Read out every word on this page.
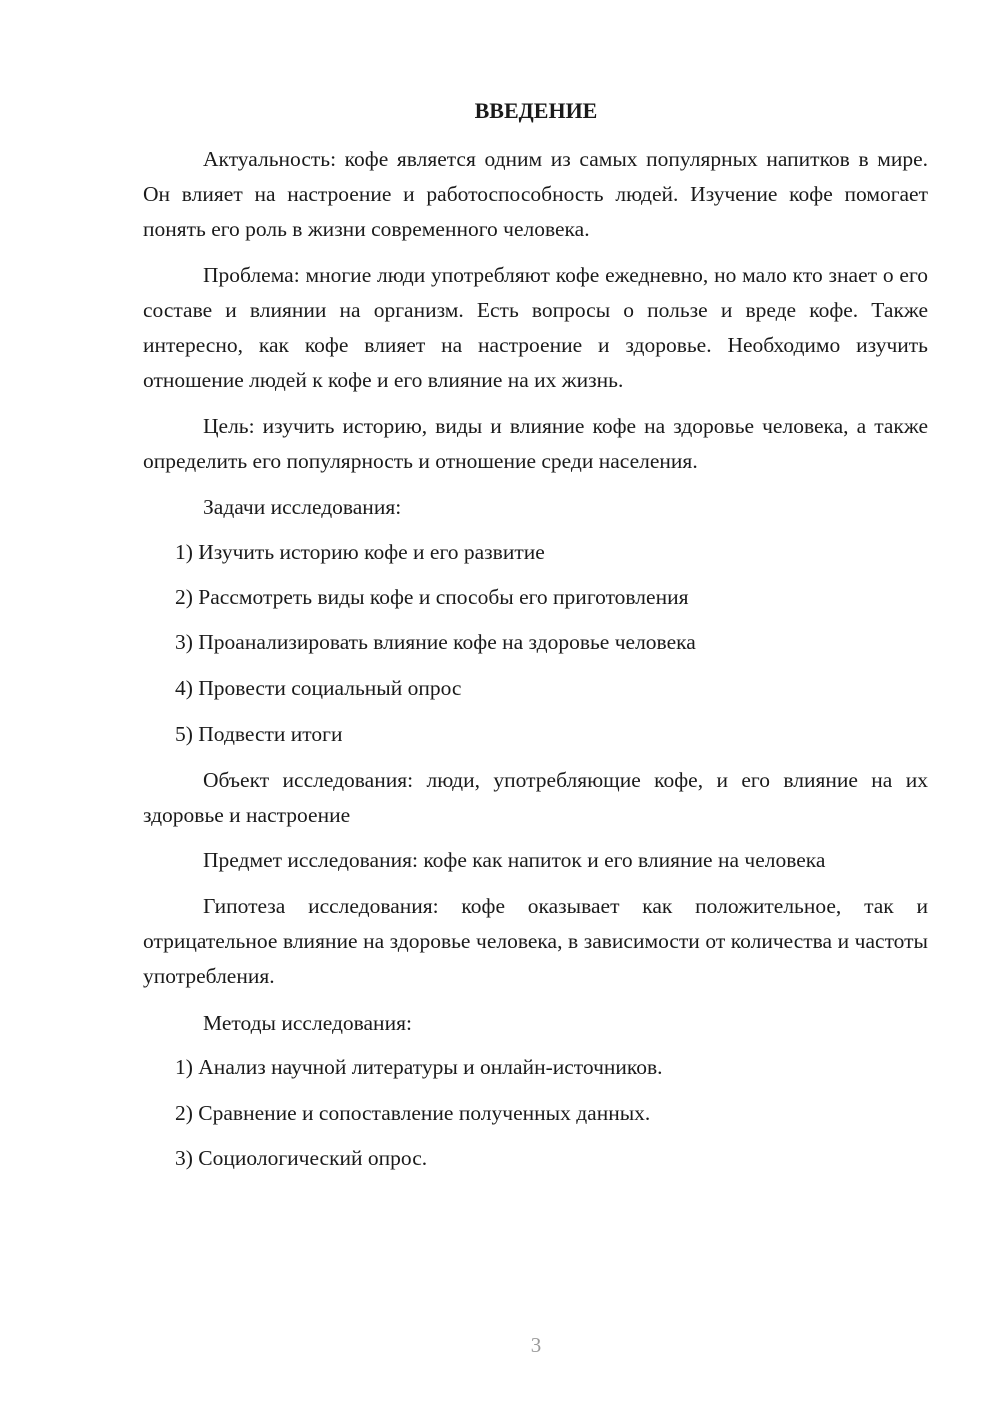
ВВЕДЕНИЕ

Актуальность: кофе является одним из самых популярных напитков в мире. Он влияет на настроение и работоспособность людей. Изучение кофе помогает понять его роль в жизни современного человека.

Проблема: многие люди употребляют кофе ежедневно, но мало кто знает о его составе и влиянии на организм. Есть вопросы о пользе и вреде кофе. Также интересно, как кофе влияет на настроение и здоровье. Необходимо изучить отношение людей к кофе и его влияние на их жизнь.

Цель: изучить историю, виды и влияние кофе на здоровье человека, а также определить его популярность и отношение среди населения.

Задачи исследования:

1) Изучить историю кофе и его развитие

2) Рассмотреть виды кофе и способы его приготовления

3) Проанализировать влияние кофе на здоровье человека

4) Провести социальный опрос

5) Подвести итоги

Объект исследования: люди, употребляющие кофе, и его влияние на их здоровье и настроение

Предмет исследования: кофе как напиток и его влияние на человека

Гипотеза исследования: кофе оказывает как положительное, так и отрицательное влияние на здоровье человека, в зависимости от количества и частоты употребления.

Методы исследования:

1) Анализ научной литературы и онлайн-источников.

2) Сравнение и сопоставление полученных данных.

3) Социологический опрос.

3
